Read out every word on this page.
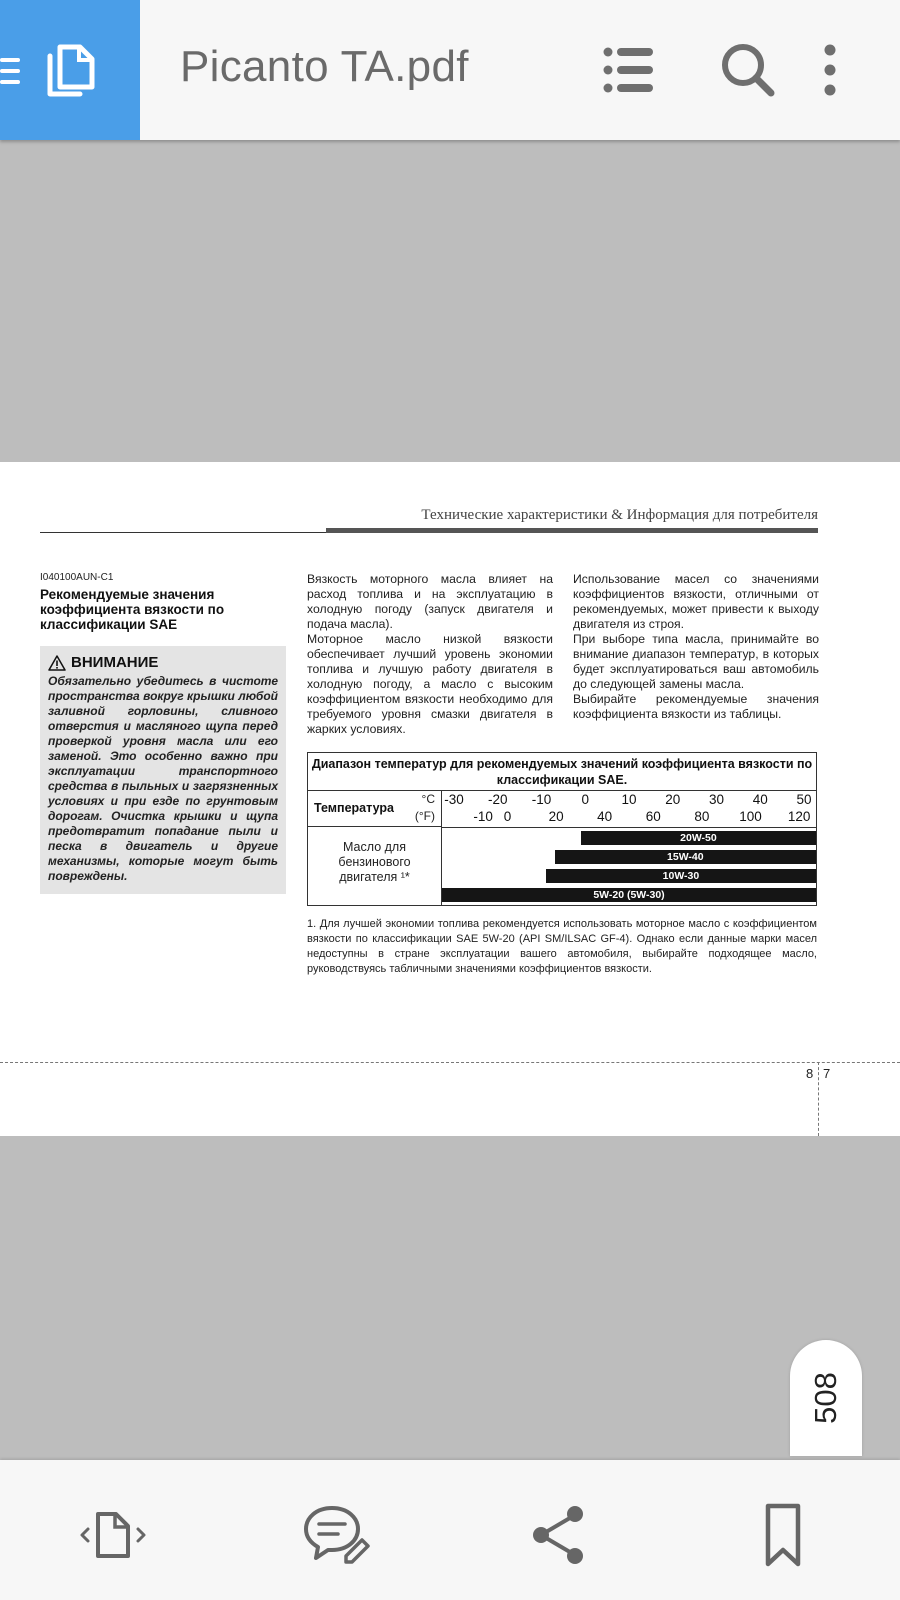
Picanto TA.pdf
Технические характеристики & Информация для потребителя
I040100AUN-C1
Рекомендуемые значения коэффициента вязкости по классификации SAE
ВНИМАНИЕ
Обязательно убедитесь в чистоте пространства вокруг крышки любой заливной горловины, сливного отверстия и масляного щупа перед проверкой уровня масла или его заменой. Это особенно важно при эксплуатации транспортного средства в пыльных и загрязненных условиях и при езде по грунтовым дорогам. Очистка крышки и щупа предотвратит попадание пыли и песка в двигатель и другие механизмы, которые могут быть повреждены.

Вязкость моторного масла влияет на расход топлива и на эксплуатацию в холодную погоду (запуск двигателя и подача масла).

Моторное масло низкой вязкости обеспечивает лучший уровень экономии топлива и лучшую работу двигателя в холодную погоду, а масло с высоким коэффициентом вязкости необходимо для требуемого уровня смазки двигателя в жарких условиях.

Использование масел со значениями коэффициентов вязкости, отличными от рекомендуемых, может привести к выходу двигателя из строя.

При выборе типа масла, принимайте во внимание диапазон температур, в которых будет эксплуатироваться ваш автомобиль до следующей замены масла.

Выбирайте рекомендуемые значения коэффициента вязкости из таблицы.

Диапазон температур для рекомендуемых значений коэффициента вязкости по классификации SAE.
Температура
°C
(°F)
-30 -20 -10 0 10 20 30 40 50
-10 0	20 40 60 80 100 120
Масло для
бензинового
двигателя ¹*
20W-50
15W-40
10W-30
5W-20 (5W-30)
1. Для лучшей экономии топлива рекомендуется использовать моторное масло с коэффициентом вязкости по классификации SAE 5W-20 (API SM/ILSAC GF-4). Однако если данные марки масел недоступны в стране эксплуатации вашего автомобиля, выбирайте подходящее масло, руководствуясь табличными значениями коэффициентов вязкости.
8 7
508
